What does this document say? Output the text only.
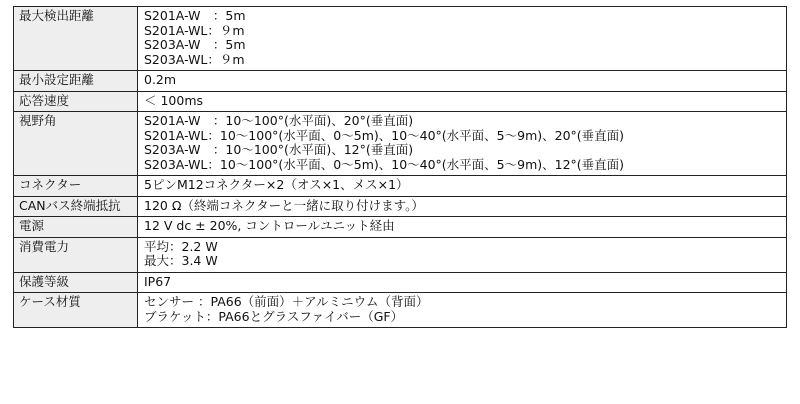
最大検出距離	S201A-W　：5m
S201A-WL：９m
S203A-W　：5m
S203A-WL：９m

最小設定距離	0.2m

応答速度	＜ 100ms

視野角	S201A-W　：10～100°(水平面)、20°(垂直面)
S201A-WL：10～100°(水平面、0～5m)、10～40°(水平面、5～9m)、20°(垂直面)
S203A-W　：10～100°(水平面)、12°(垂直面)
S203A-WL：10～100°(水平面、0～5m)、10～40°(水平面、5～9m)、12°(垂直面)

コネクター	5ピンM12コネクター×2（オス×1、メス×1）

CANバス終端抵抗	120 Ω（終端コネクターと一緒に取り付けます。）

電源	12 V dc ± 20%, コントロールユニット経由

消費電力	平均：2.2 W
最大：3.4 W

保護等級	IP67

ケース材質	センサー ：PA66（前面）＋アルミニウム（背面）
ブラケット：PA66とグラスファイバー（GF）
